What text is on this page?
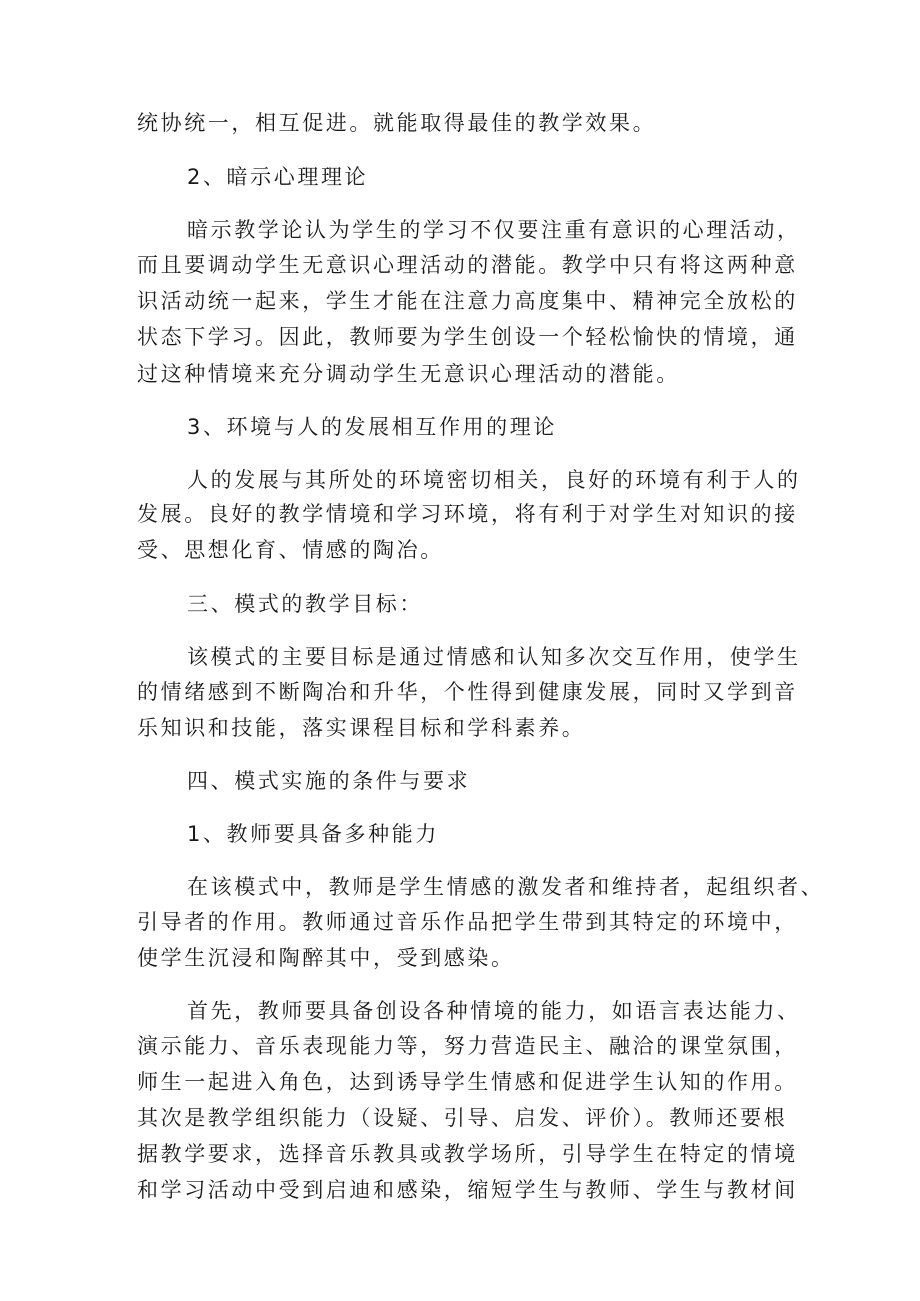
统协统一，相互促进。就能取得最佳的教学效果。
2、暗示心理理论
暗示教学论认为学生的学习不仅要注重有意识的心理活动，
而且要调动学生无意识心理活动的潜能。教学中只有将这两种意
识活动统一起来，学生才能在注意力高度集中、精神完全放松的
状态下学习。因此，教师要为学生创设一个轻松愉快的情境，通
过这种情境来充分调动学生无意识心理活动的潜能。
3、环境与人的发展相互作用的理论
人的发展与其所处的环境密切相关，良好的环境有利于人的
发展。良好的教学情境和学习环境，将有利于对学生对知识的接
受、思想化育、情感的陶冶。
三、模式的教学目标：
该模式的主要目标是通过情感和认知多次交互作用，使学生
的情绪感到不断陶冶和升华，个性得到健康发展，同时又学到音
乐知识和技能，落实课程目标和学科素养。
四、模式实施的条件与要求
1、教师要具备多种能力
在该模式中，教师是学生情感的激发者和维持者，起组织者、
引导者的作用。教师通过音乐作品把学生带到其特定的环境中，
使学生沉浸和陶醉其中，受到感染。
首先，教师要具备创设各种情境的能力，如语言表达能力、
演示能力、音乐表现能力等，努力营造民主、融洽的课堂氛围，
师生一起进入角色，达到诱导学生情感和促进学生认知的作用。
其次是教学组织能力（设疑、引导、启发、评价）。教师还要根
据教学要求，选择音乐教具或教学场所，引导学生在特定的情境
和学习活动中受到启迪和感染，缩短学生与教师、学生与教材间
